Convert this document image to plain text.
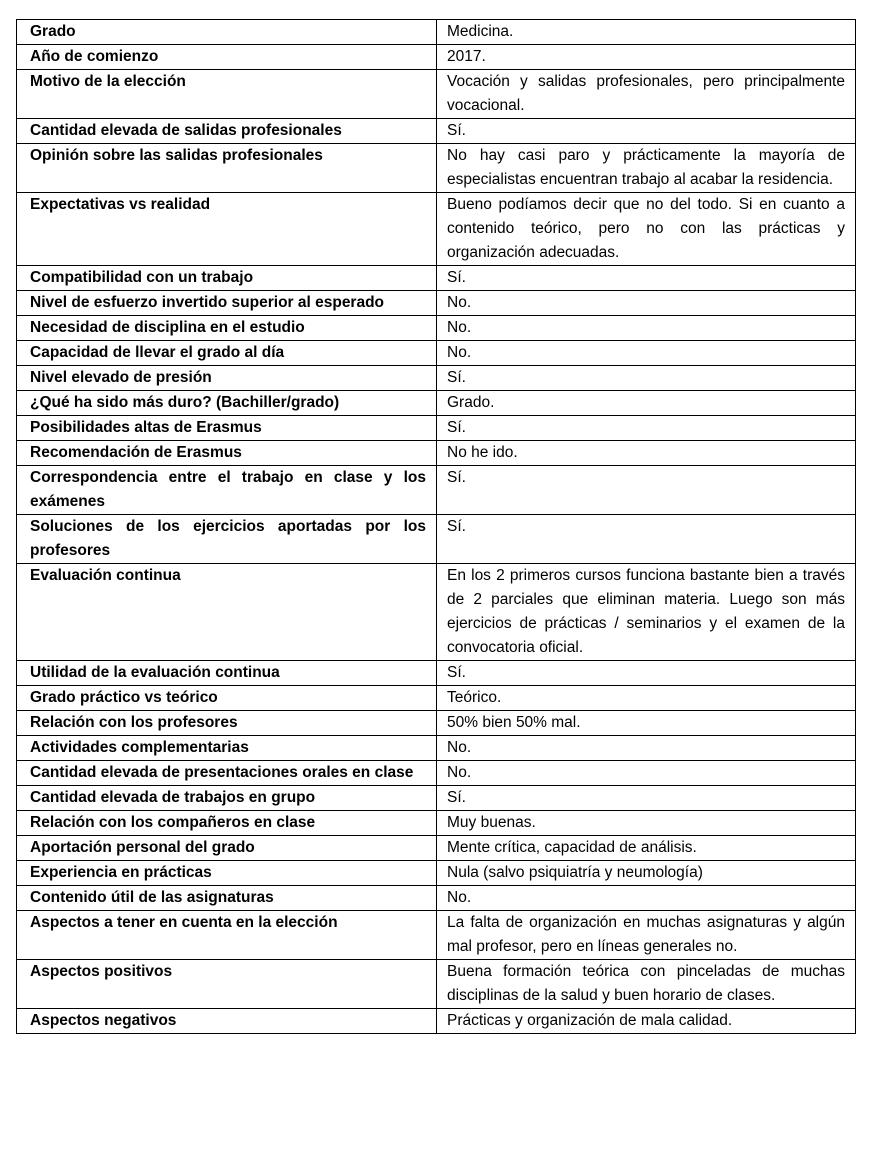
Grado	Medicina.
Año de comienzo	2017.
Motivo de la elección	Vocación y salidas profesionales, pero principalmente vocacional.
Cantidad elevada de salidas profesionales	Sí.
Opinión sobre las salidas profesionales	No hay casi paro y prácticamente la mayoría de especialistas encuentran trabajo al acabar la residencia.
Expectativas vs realidad	Bueno podíamos decir que no del todo. Si en cuanto a contenido teórico, pero no con las prácticas y organización adecuadas.
Compatibilidad con un trabajo	Sí.
Nivel de esfuerzo invertido superior al esperado	No.
Necesidad de disciplina en el estudio	No.
Capacidad de llevar el grado al día	No.
Nivel elevado de presión	Sí.
¿Qué ha sido más duro? (Bachiller/grado)	Grado.
Posibilidades altas de Erasmus	Sí.
Recomendación de Erasmus	No he ido.
Correspondencia entre el trabajo en clase y los exámenes	Sí.
Soluciones de los ejercicios aportadas por los profesores	Sí.
Evaluación continua	En los 2 primeros cursos funciona bastante bien a través de 2 parciales que eliminan materia. Luego son más ejercicios de prácticas / seminarios y el examen de la convocatoria oficial.
Utilidad de la evaluación continua	Sí.
Grado práctico vs teórico	Teórico.
Relación con los profesores	50% bien 50% mal.
Actividades complementarias	No.
Cantidad elevada de presentaciones orales en clase	No.
Cantidad elevada de trabajos en grupo	Sí.
Relación con los compañeros en clase	Muy buenas.
Aportación personal del grado	Mente crítica, capacidad de análisis.
Experiencia en prácticas	Nula (salvo psiquiatría y neumología)
Contenido útil de las asignaturas	No.
Aspectos a tener en cuenta en la elección	La falta de organización en muchas asignaturas y algún mal profesor, pero en líneas generales no.
Aspectos positivos	Buena formación teórica con pinceladas de muchas disciplinas de la salud y buen horario de clases.
Aspectos negativos	Prácticas y organización de mala calidad.
